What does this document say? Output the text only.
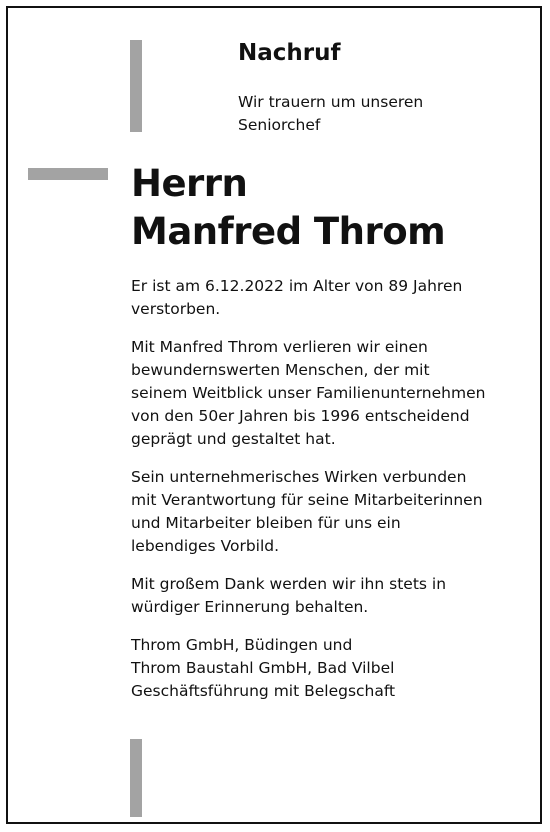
Nachruf
Wir trauern um unseren
Seniorchef
Herrn
Manfred Throm
Er ist am 6.12.2022 im Alter von 89 Jahren
verstorben.
Mit Manfred Throm verlieren wir einen
bewundernswerten Menschen, der mit
seinem Weitblick unser Familienunternehmen
von den 50er Jahren bis 1996 entscheidend
geprägt und gestaltet hat.
Sein unternehmerisches Wirken verbunden
mit Verantwortung für seine Mitarbeiterinnen
und Mitarbeiter bleiben für uns ein
lebendiges Vorbild.
Mit großem Dank werden wir ihn stets in
würdiger Erinnerung behalten.
Throm GmbH, Büdingen und
Throm Baustahl GmbH, Bad Vilbel
Geschäftsführung mit Belegschaft
